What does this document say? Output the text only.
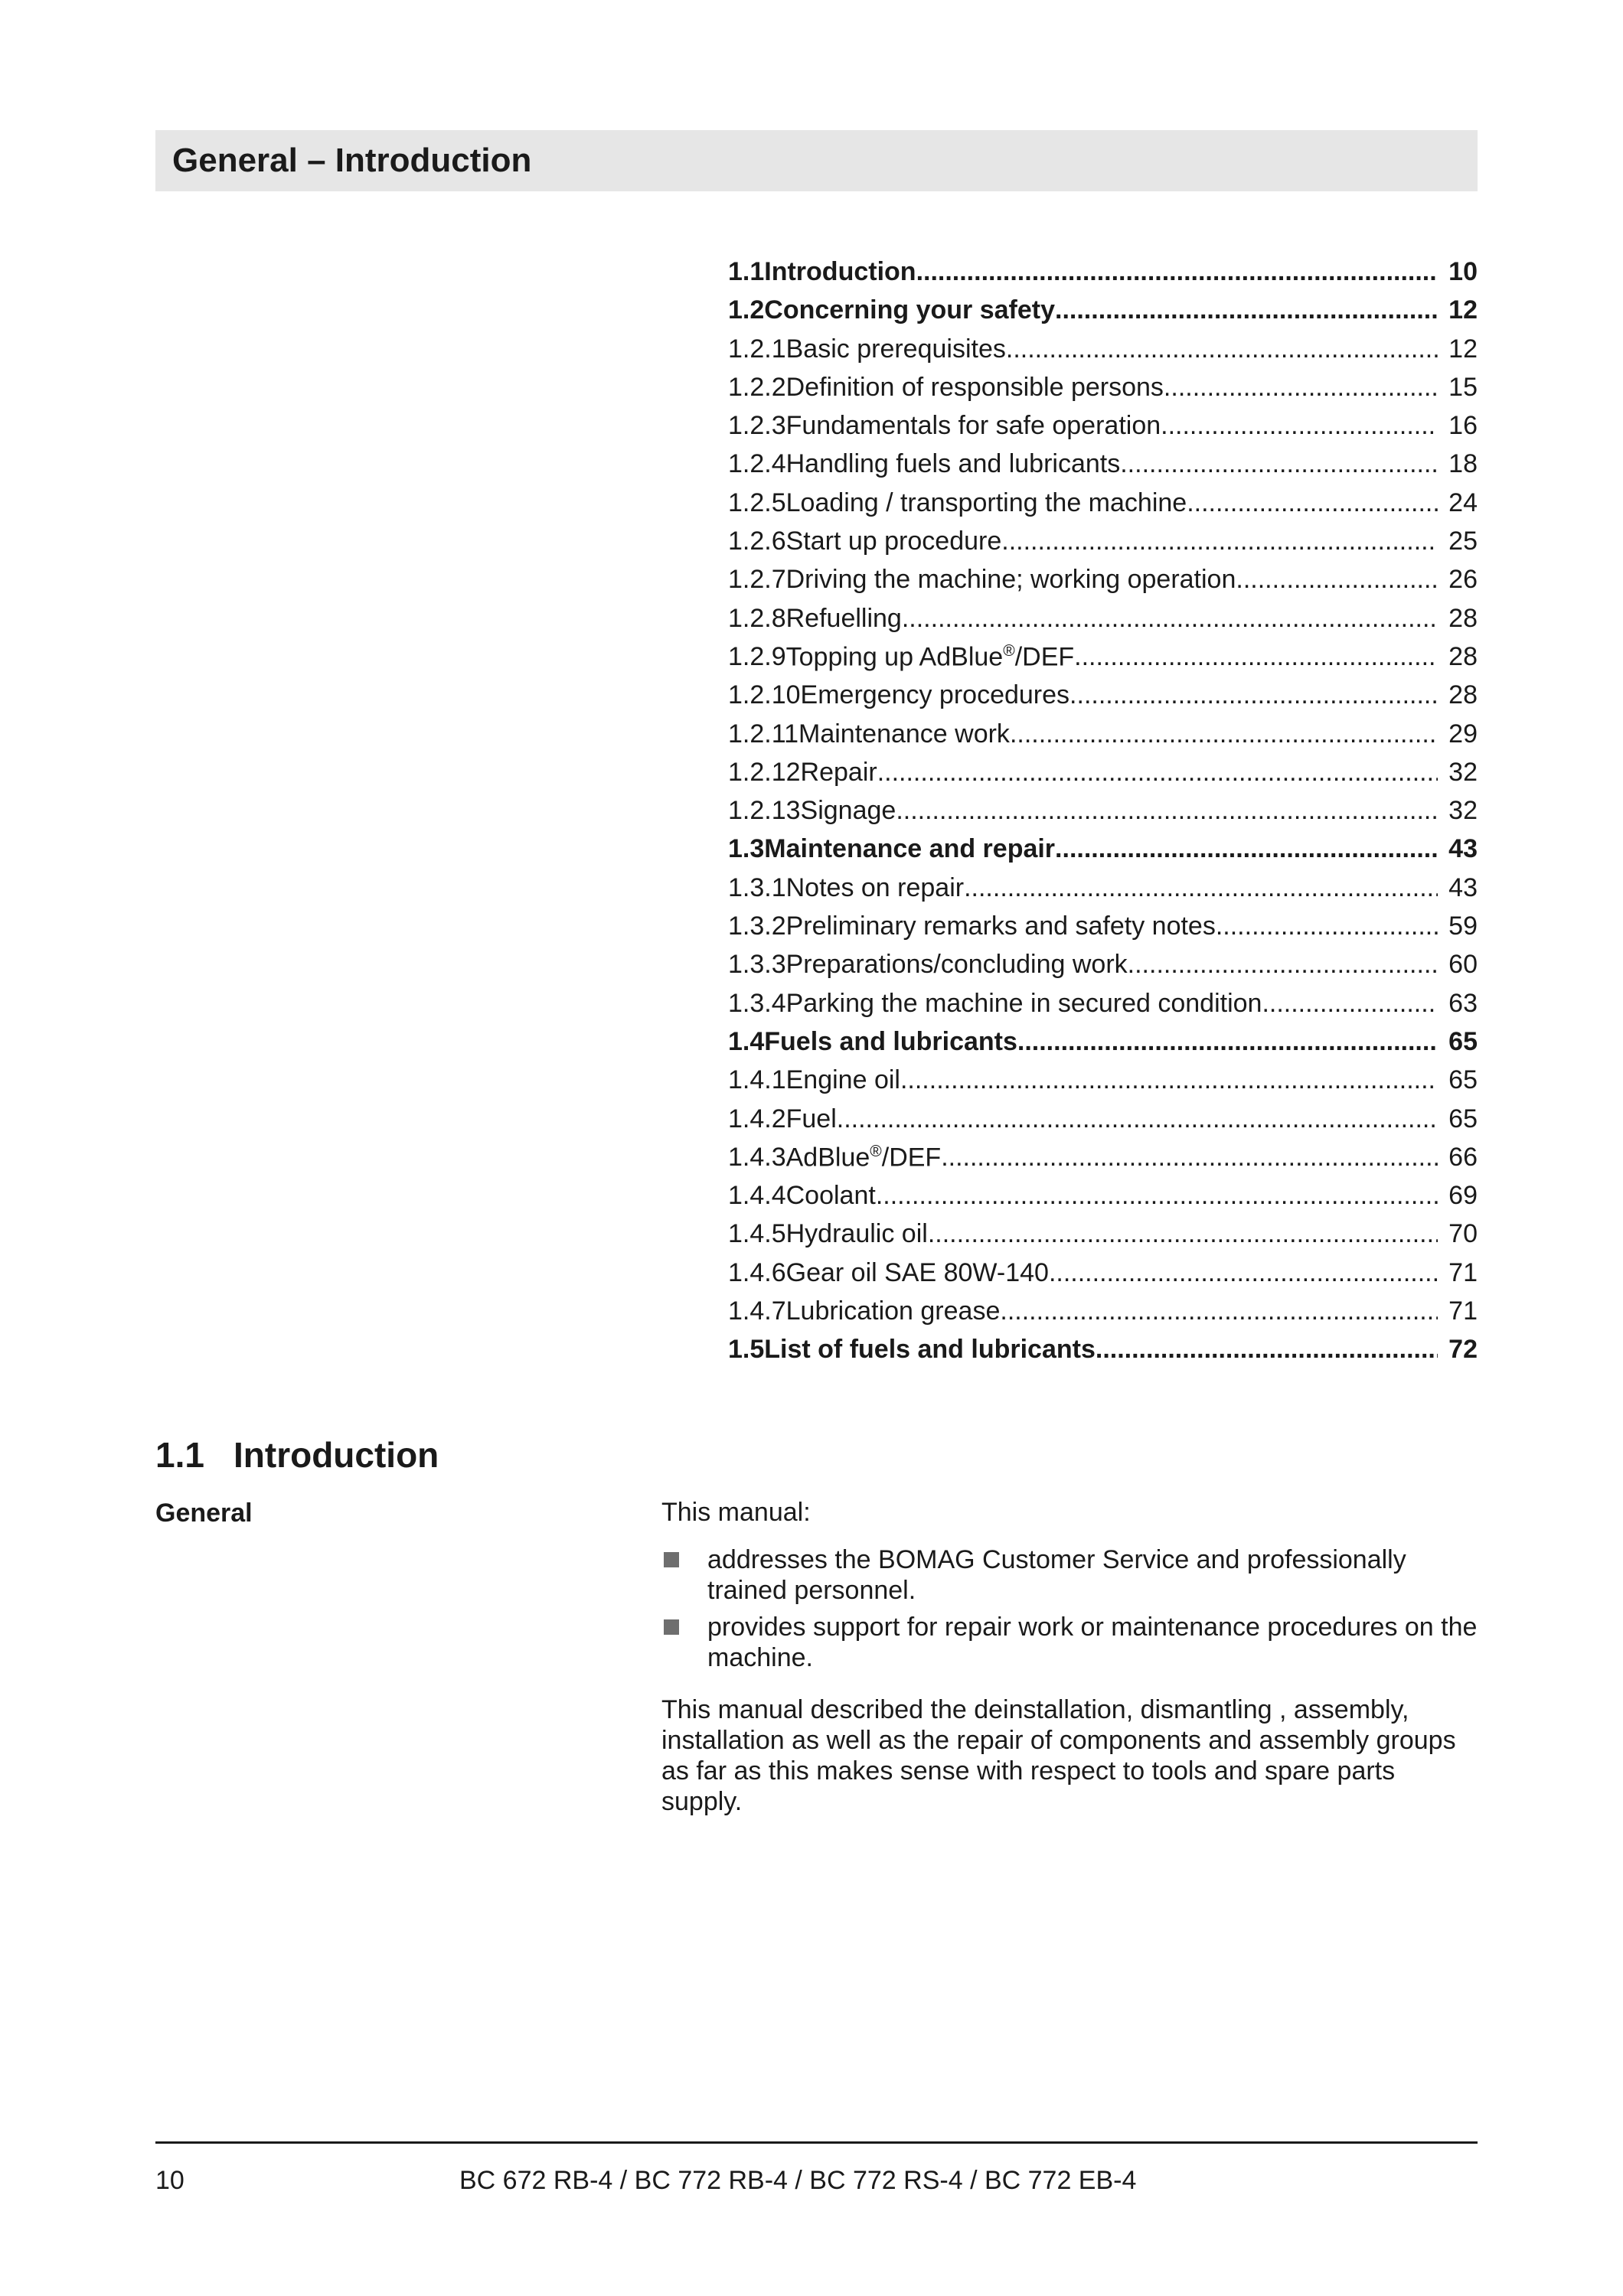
General – Introduction
1.1 Introduction .....	10
1.2 Concerning your safety .....	12
1.2.1 Basic prerequisites .....	12
1.2.2 Definition of responsible persons .....	15
1.2.3 Fundamentals for safe operation .....	16
1.2.4 Handling fuels and lubricants .....	18
1.2.5 Loading / transporting the machine .....	24
1.2.6 Start up procedure .....	25
1.2.7 Driving the machine; working operation .....	26
1.2.8 Refuelling .....	28
1.2.9 Topping up AdBlue®/DEF .....	28
1.2.10 Emergency procedures .....	28
1.2.11 Maintenance work .....	29
1.2.12 Repair .....	32
1.2.13 Signage .....	32
1.3 Maintenance and repair .....	43
1.3.1 Notes on repair .....	43
1.3.2 Preliminary remarks and safety notes .....	59
1.3.3 Preparations/concluding work .....	60
1.3.4 Parking the machine in secured condition .....	63
1.4 Fuels and lubricants .....	65
1.4.1 Engine oil .....	65
1.4.2 Fuel .....	65
1.4.3 AdBlue®/DEF .....	66
1.4.4 Coolant .....	69
1.4.5 Hydraulic oil .....	70
1.4.6 Gear oil SAE 80W-140 .....	71
1.4.7 Lubrication grease .....	71
1.5 List of fuels and lubricants .....	72
1.1 Introduction
General	This manual:

addresses the BOMAG Customer Service and professionally trained personnel.
provides support for repair work or maintenance procedures on the machine.

This manual described the deinstallation, dismantling , assembly, installation as well as the repair of components and assembly groups as far as this makes sense with respect to tools and spare parts supply.

10	BC 672 RB-4 / BC 772 RB-4 / BC 772 RS-4 / BC 772 EB-4
